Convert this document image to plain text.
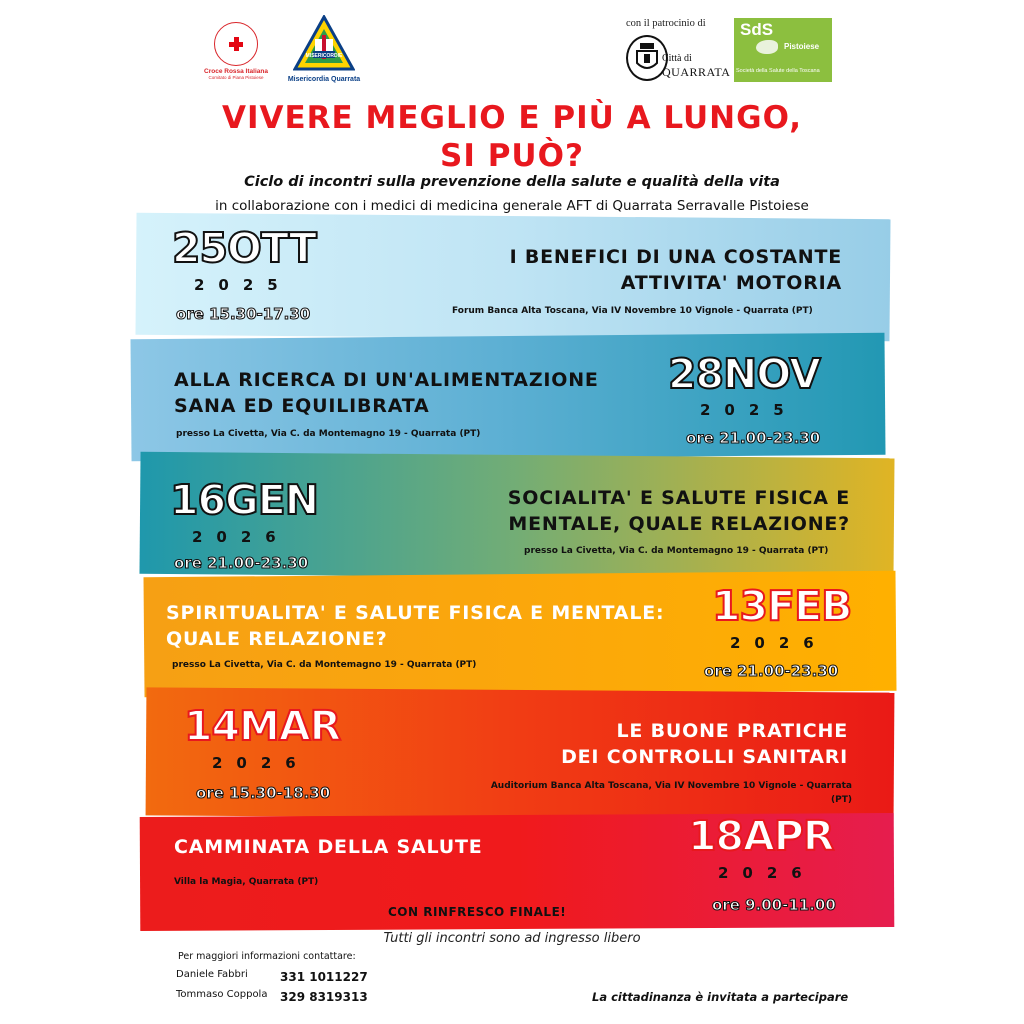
Croce Rossa Italiana
Comitato di Piana Pistoiese
MISERICORDIE
Misericordia Quarrata
con il patrocinio di
Città di
QUARRATA
SdS
Pistoiese
Società della Salute della Toscana
VIVERE MEGLIO E PIÙ A LUNGO,
SI PUÒ?
Ciclo di incontri sulla prevenzione della salute e qualità della vita
in collaborazione con i medici di medicina generale AFT di Quarrata Serravalle Pistoiese
25OTT
2025
ore 15.30-17.30
I BENEFICI DI UNA COSTANTE
ATTIVITA' MOTORIA
Forum Banca Alta Toscana, Via IV Novembre 10 Vignole - Quarrata (PT)
ALLA RICERCA DI UN'ALIMENTAZIONE
SANA ED EQUILIBRATA
presso La Civetta, Via C. da Montemagno 19 - Quarrata (PT)
28NOV
2025
ore 21.00-23.30
16GEN
2026
ore 21.00-23.30
SOCIALITA' E SALUTE FISICA E
MENTALE, QUALE RELAZIONE?
presso La Civetta, Via C. da Montemagno 19 - Quarrata (PT)
SPIRITUALITA' E SALUTE FISICA E MENTALE:
QUALE RELAZIONE?
presso La Civetta, Via C. da Montemagno 19 - Quarrata (PT)
13FEB
2026
ore 21.00-23.30
14MAR
2026
ore 15.30-18.30
LE BUONE PRATICHE
DEI CONTROLLI SANITARI
Auditorium Banca Alta Toscana, Via IV Novembre 10 Vignole - Quarrata
(PT)
CAMMINATA DELLA SALUTE
Villa la Magia, Quarrata (PT)
CON RINFRESCO FINALE!
18APR
2026
ore 9.00-11.00
Tutti gli incontri sono ad ingresso libero
Per maggiori informazioni contattare:
Daniele Fabbri	331 1011227
Tommaso Coppola 329 8319313	La cittadinanza è invitata a partecipare
